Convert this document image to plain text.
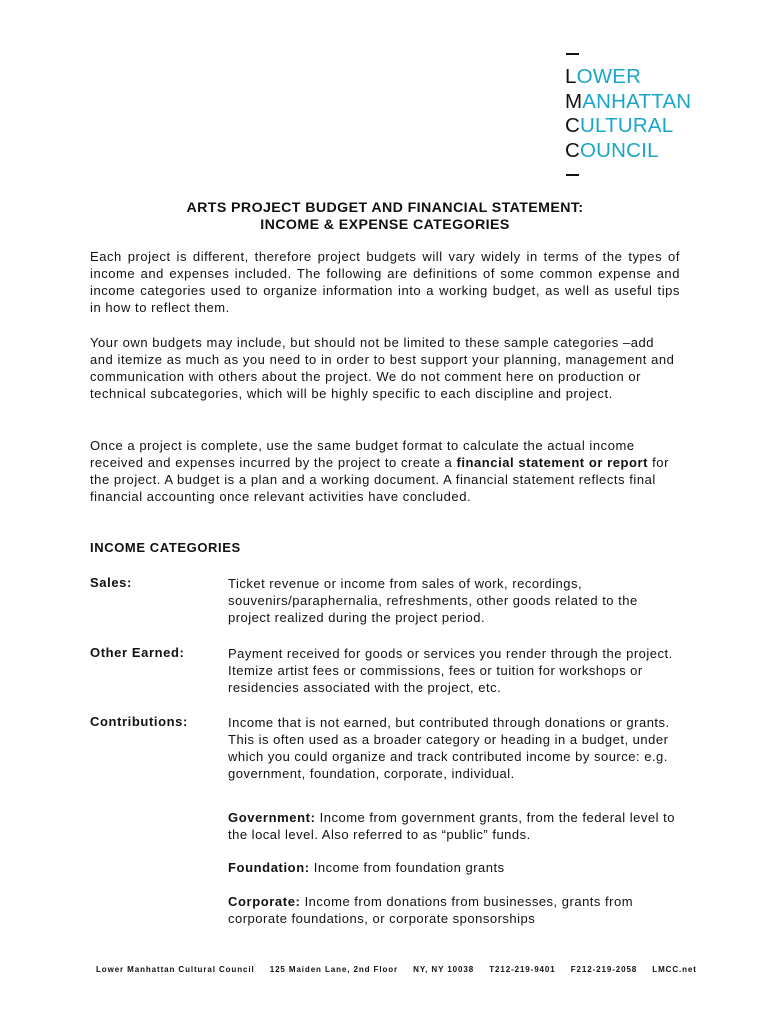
LOWER
MANHATTAN
CULTURAL
COUNCIL
ARTS PROJECT BUDGET AND FINANCIAL STATEMENT:
INCOME & EXPENSE CATEGORIES
Each project is different, therefore project budgets will vary widely in terms of the types of income and expenses included. The following are definitions of some common expense and income categories used to organize information into a working budget, as well as useful tips in how to reflect them.
Your own budgets may include, but should not be limited to these sample categories –add and itemize as much as you need to in order to best support your planning, management and communication with others about the project. We do not comment here on production or technical subcategories, which will be highly specific to each discipline and project.
Once a project is complete, use the same budget format to calculate the actual income received and expenses incurred by the project to create a financial statement or report for the project. A budget is a plan and a working document. A financial statement reflects final financial accounting once relevant activities have concluded.
INCOME CATEGORIES
Sales:	Ticket revenue or income from sales of work, recordings, souvenirs/paraphernalia, refreshments, other goods related to the project realized during the project period.
Other Earned:	Payment received for goods or services you render through the project. Itemize artist fees or commissions, fees or tuition for workshops or residencies associated with the project, etc.
Contributions:	Income that is not earned, but contributed through donations or grants. This is often used as a broader category or heading in a budget, under which you could organize and track contributed income by source: e.g. government, foundation, corporate, individual.
Government: Income from government grants, from the federal level to the local level. Also referred to as “public” funds.
Foundation: Income from foundation grants
Corporate: Income from donations from businesses, grants from corporate foundations, or corporate sponsorships
Lower Manhattan Cultural Council 125 Maiden Lane, 2nd Floor NY, NY 10038 T212-219-9401 F212-219-2058 LMCC.net
